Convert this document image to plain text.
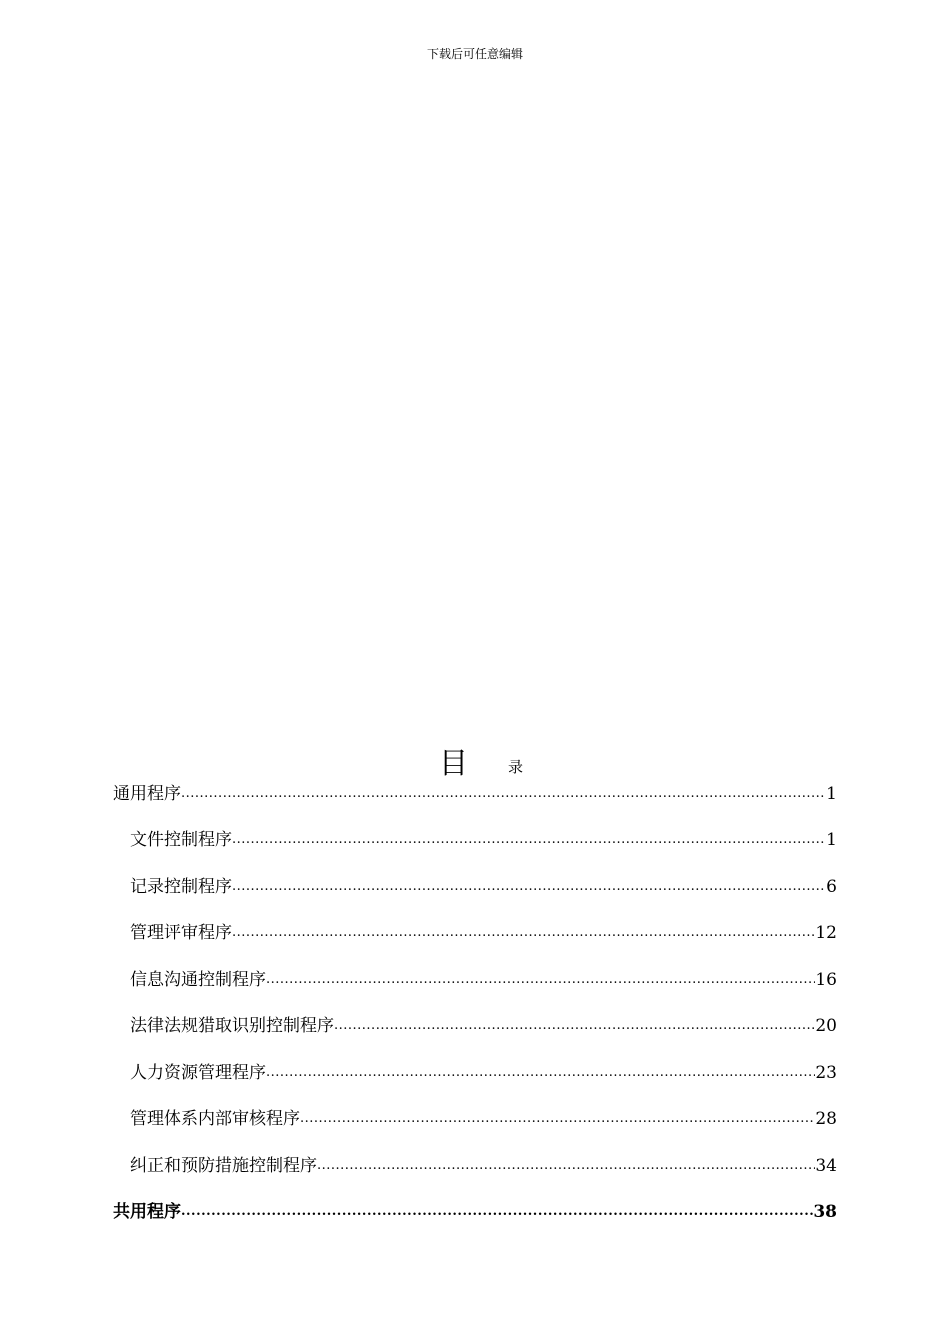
下载后可任意编辑
目	录
通用程序 .....	1
文件控制程序 .....	1
记录控制程序 .....	6
管理评审程序 .....	12
信息沟通控制程序 .....	16
法律法规猎取识别控制程序 .....	20
人力资源管理程序 .....	23
管理体系内部审核程序 .....	28
纠正和预防措施控制程序 .....	34
共用程序 .....	38
